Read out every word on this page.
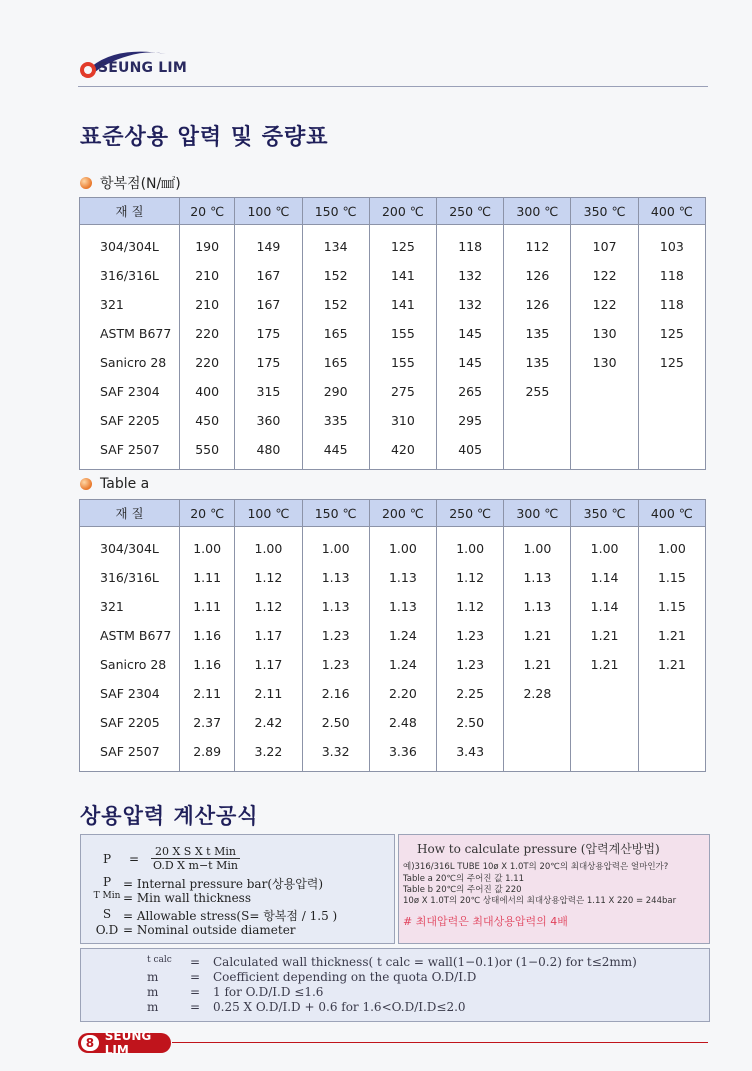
SEUNG LIM
표준상용 압력 및 중량표
항복점(N/㎟)
재 질	20 ℃	100 ℃	150 ℃	200 ℃	250 ℃	300 ℃	350 ℃	400 ℃
304/304L	190	149	134	125	118	112	107	103
316/316L	210	167	152	141	132	126	122	118
321	210	167	152	141	132	126	122	118
ASTM B677	220	175	165	155	145	135	130	125
Sanicro 28	220	175	165	155	145	135	130	125
SAF 2304	400	315	290	275	265	255		
SAF 2205	450	360	335	310	295			
SAF 2507	550	480	445	420	405			
Table a
재 질	20 ℃	100 ℃	150 ℃	200 ℃	250 ℃	300 ℃	350 ℃	400 ℃
304/304L	1.00	1.00	1.00	1.00	1.00	1.00	1.00	1.00
316/316L	1.11	1.12	1.13	1.13	1.12	1.13	1.14	1.15
321	1.11	1.12	1.13	1.13	1.12	1.13	1.14	1.15
ASTM B677	1.16	1.17	1.23	1.24	1.23	1.21	1.21	1.21
Sanicro 28	1.16	1.17	1.23	1.24	1.23	1.21	1.21	1.21
SAF 2304	2.11	2.11	2.16	2.20	2.25	2.28		
SAF 2205	2.37	2.42	2.50	2.48	2.50			
SAF 2507	2.89	3.22	3.32	3.36	3.43			
상용압력 계산공식
P	=	20 X S X t Min
O.D X m−t Min
P = Internal pressure bar(상용압력)
T Min = Min wall thickness
S = Allowable stress(S= 항복점 / 1.5 )
O.D = Nominal outside diameter
How to calculate pressure (압력계산방법)
예)316/316L TUBE 10ø X 1.0T의 20℃의 최대상용압력은 얼마인가?
Table a 20℃의 주어진 값 1.11
Table b 20℃의 주어진 값 220
10ø X 1.0T의 20℃ 상태에서의 최대상용압력은 1.11 X 220 = 244bar
# 최대압력은 최대상용압력의 4배
t calc	=	Calculated wall thickness( t calc = wall(1−0.1)or (1−0.2) for t≤2mm)
m	=	Coefficient depending on the quota O.D/I.D
m	=	1 for O.D/I.D ≤1.6
m	=	0.25 X O.D/I.D + 0.6 for 1.6<O.D/I.D≤2.0
8 SEUNG LIM
